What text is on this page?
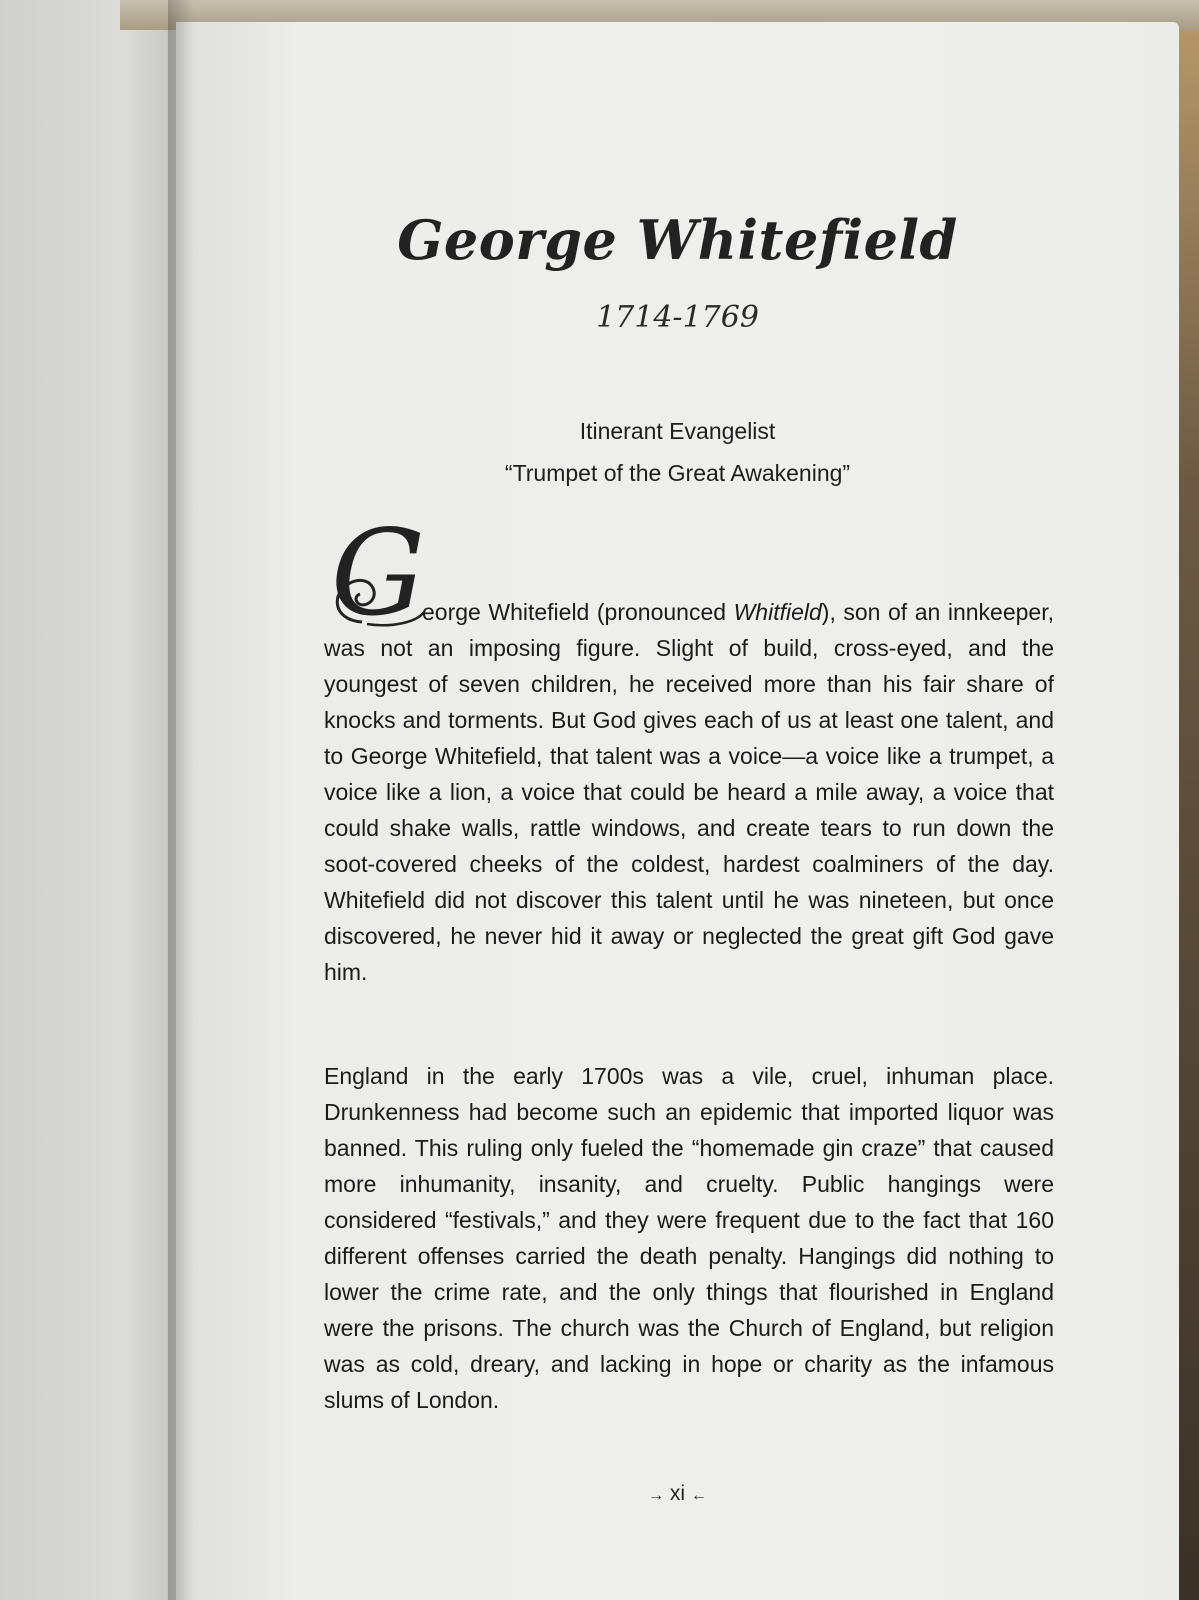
George Whitefield
1714-1769
Itinerant Evangelist
“Trumpet of the Great Awakening”
G

eorge Whitefield (pronounced Whitfield), son of an innkeeper, was not an imposing figure. Slight of build, cross-eyed, and the youngest of seven children, he received more than his fair share of knocks and torments. But God gives each of us at least one talent, and to George Whitefield, that talent was a voice—a voice like a trumpet, a voice like a lion, a voice that could be heard a mile away, a voice that could shake walls, rattle windows, and create tears to run down the soot-covered cheeks of the coldest, hardest coalminers of the day. Whitefield did not discover this talent until he was nineteen, but once discovered, he never hid it away or neglected the great gift God gave him.

England in the early 1700s was a vile, cruel, inhuman place. Drunkenness had become such an epidemic that imported liquor was banned. This ruling only fueled the “homemade gin craze” that caused more inhumanity, insanity, and cruelty. Public hangings were considered “festivals,” and they were frequent due to the fact that 160 different offenses carried the death penalty. Hangings did nothing to lower the crime rate, and the only things that flourished in England were the prisons. The church was the Church of England, but religion was as cold, dreary, and lacking in hope or charity as the infamous slums of London.

→ xi ←
